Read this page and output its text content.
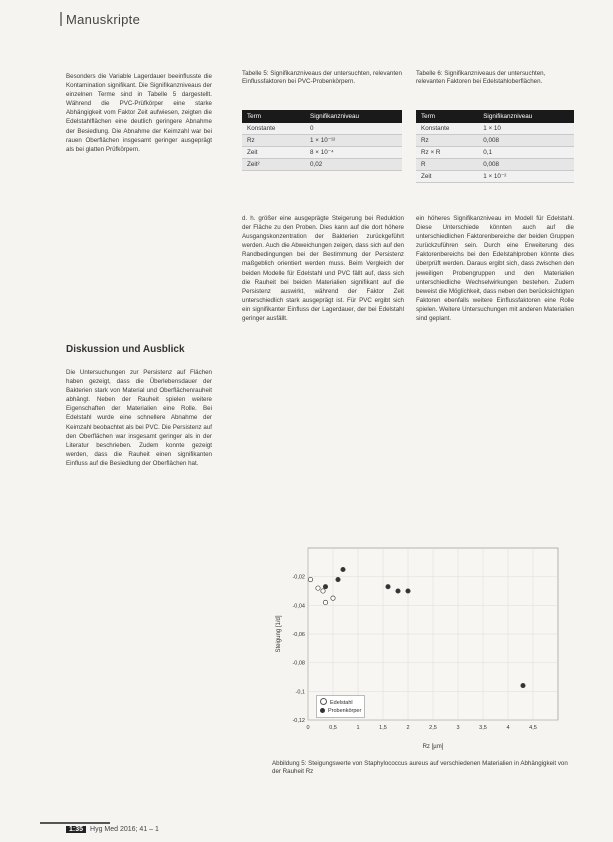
Manuskripte
Besonders die Variable Lagerdauer beeinflusste die Kontamination signifikant. Die Signifikanzniveaus der einzelnen Terme sind in Tabelle 5 dargestellt. Während die PVC-Prüfkörper eine starke Abhängigkeit vom Faktor Zeit aufwiesen, zeigten die Edelstahlflächen eine deutlich geringere Abnahme der Besiedlung. Die Abnahme der Keimzahl war bei rauen Oberflächen insgesamt geringer ausgeprägt als bei glatten Prüfkörpern.
Diskussion und Ausblick
Die Untersuchungen zur Persistenz auf Flächen haben gezeigt, dass die Überlebensdauer der Bakterien stark von Material und Oberflächenrauheit abhängt. Neben der Rauheit spielen weitere Eigenschaften der Materialien eine Rolle. Bei Edelstahl wurde eine schnellere Abnahme der Keimzahl beobachtet als bei PVC. Die Persistenz auf den Oberflächen war insgesamt geringer als in der Literatur beschrieben. Zudem konnte gezeigt werden, dass die Rauheit einen signifikanten Einfluss auf die Besiedlung der Oberflächen hat.
Tabelle 5: Signifikanzniveaus der untersuchten, relevanten Einflussfaktoren bei PVC-Probenkörpern.
Term	Signifikanzniveau
Konstante	0
Rz	1 × 10⁻¹²
Zeit	8 × 10⁻⁴
Zeit²	0,02
Tabelle 6: Signifikanzniveaus der untersuchten, relevanten Faktoren bei Edelstahloberflächen.
Term	Signifikanzniveau
Konstante	1 × 10
Rz	0,008
Rz × R	0,1
R	0,008
Zeit	1 × 10⁻²
d. h. größer eine ausgeprägte Steigerung bei Reduktion der Fläche zu den Proben. Dies kann auf die dort höhere Ausgangskonzentration der Bakterien zurückgeführt werden. Auch die Abweichungen zeigen, dass sich auf den Randbedingungen bei der Bestimmung der Persistenz maßgeblich orientiert werden muss. Beim Vergleich der beiden Modelle für Edelstahl und PVC fällt auf, dass sich die Rauheit bei beiden Materialien signifikant auf die Persistenz auswirkt, während der Faktor Zeit unterschiedlich stark ausgeprägt ist. Für PVC ergibt sich ein signifikanter Einfluss der Lagerdauer, der bei Edelstahl geringer ausfällt.
ein höheres Signifikanzniveau im Modell für Edelstahl. Diese Unterschiede könnten auch auf die unterschiedlichen Faktorenbereiche der beiden Gruppen zurückzuführen sein. Durch eine Erweiterung des Faktorenbereichs bei den Edelstahlproben könnte dies überprüft werden. Daraus ergibt sich, dass zwischen den jeweiligen Probengruppen und den Materialien unterschiedliche Wechselwirkungen bestehen. Zudem beweist die Möglichkeit, dass neben den berücksichtigten Faktoren ebenfalls weitere Einflussfaktoren eine Rolle spielen. Weitere Untersuchungen mit anderen Materialien sind geplant.
0	0,5	1	1,5	2	2,5	3	3,5	4	4,5
-0,02
-0,04
-0,06
-0,08
-0,1
-0,12
Rz [µm]
Steigung [1/d]
Edelstahl
Probenkörper
Abbildung 5: Steigungswerte von Staphylococcus aureus auf verschiedenen Materialien in Abhängigkeit von der Rauheit Rz
1:35 Hyg Med 2016; 41 – 1
